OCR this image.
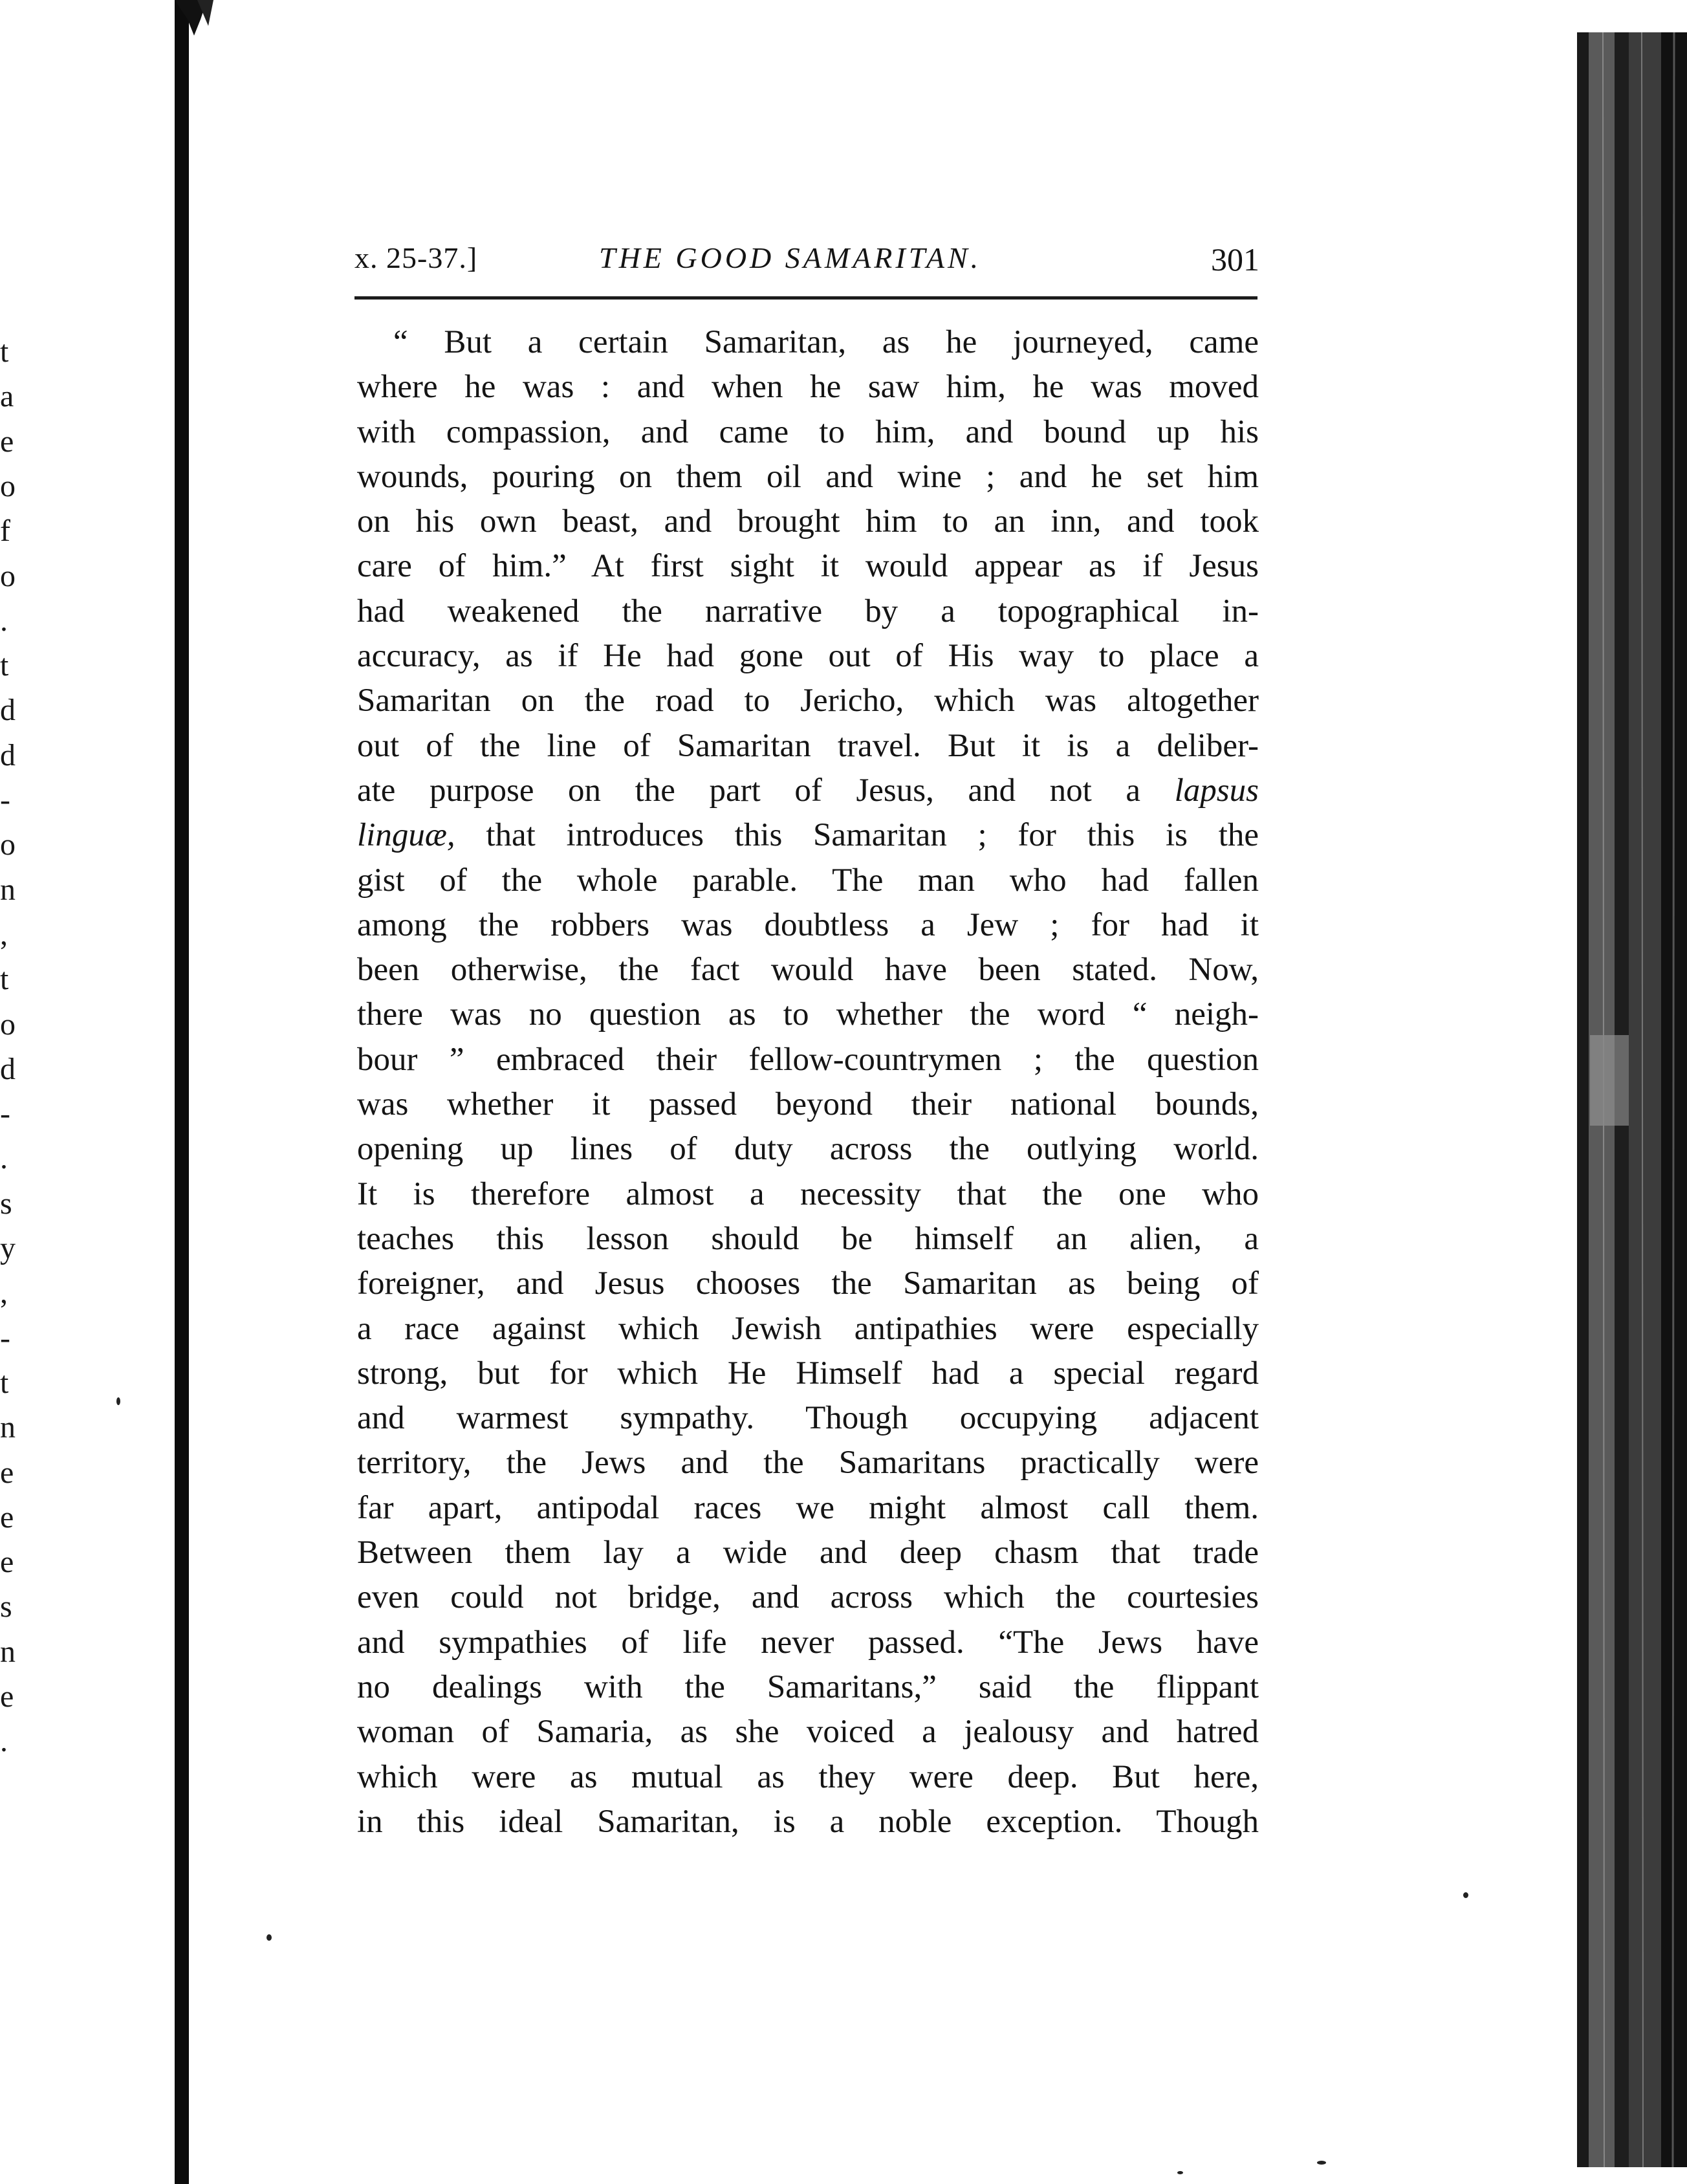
t
a
e
o
f
o
.
t
d
d
-
o
n
,
t
o
d
-
.
s
y
,
-
t
n
e
e
e
s
n
e
.
x. 25-37.]	THE GOOD SAMARITAN.	301
“ But a certain Samaritan, as he journeyed, came
where he was : and when he saw him, he was moved
with compassion, and came to him, and bound up his
wounds, pouring on them oil and wine ; and he set him
on his own beast, and brought him to an inn, and took
care of him.” At first sight it would appear as if Jesus
had weakened the narrative by a topographical in-
accuracy, as if He had gone out of His way to place a
Samaritan on the road to Jericho, which was altogether
out of the line of Samaritan travel. But it is a deliber-
ate purpose on the part of Jesus, and not a lapsus
linguæ, that introduces this Samaritan ; for this is the
gist of the whole parable. The man who had fallen
among the robbers was doubtless a Jew ; for had it
been otherwise, the fact would have been stated. Now,
there was no question as to whether the word “ neigh-
bour ” embraced their fellow-countrymen ; the question
was whether it passed beyond their national bounds,
opening up lines of duty across the outlying world.
It is therefore almost a necessity that the one who
teaches this lesson should be himself an alien, a
foreigner, and Jesus chooses the Samaritan as being of
a race against which Jewish antipathies were especially
strong, but for which He Himself had a special regard
and warmest sympathy. Though occupying adjacent
territory, the Jews and the Samaritans practically were
far apart, antipodal races we might almost call them.
Between them lay a wide and deep chasm that trade
even could not bridge, and across which the courtesies
and sympathies of life never passed. “The Jews have
no dealings with the Samaritans,” said the flippant
woman of Samaria, as she voiced a jealousy and hatred
which were as mutual as they were deep. But here,
in this ideal Samaritan, is a noble exception. Though
